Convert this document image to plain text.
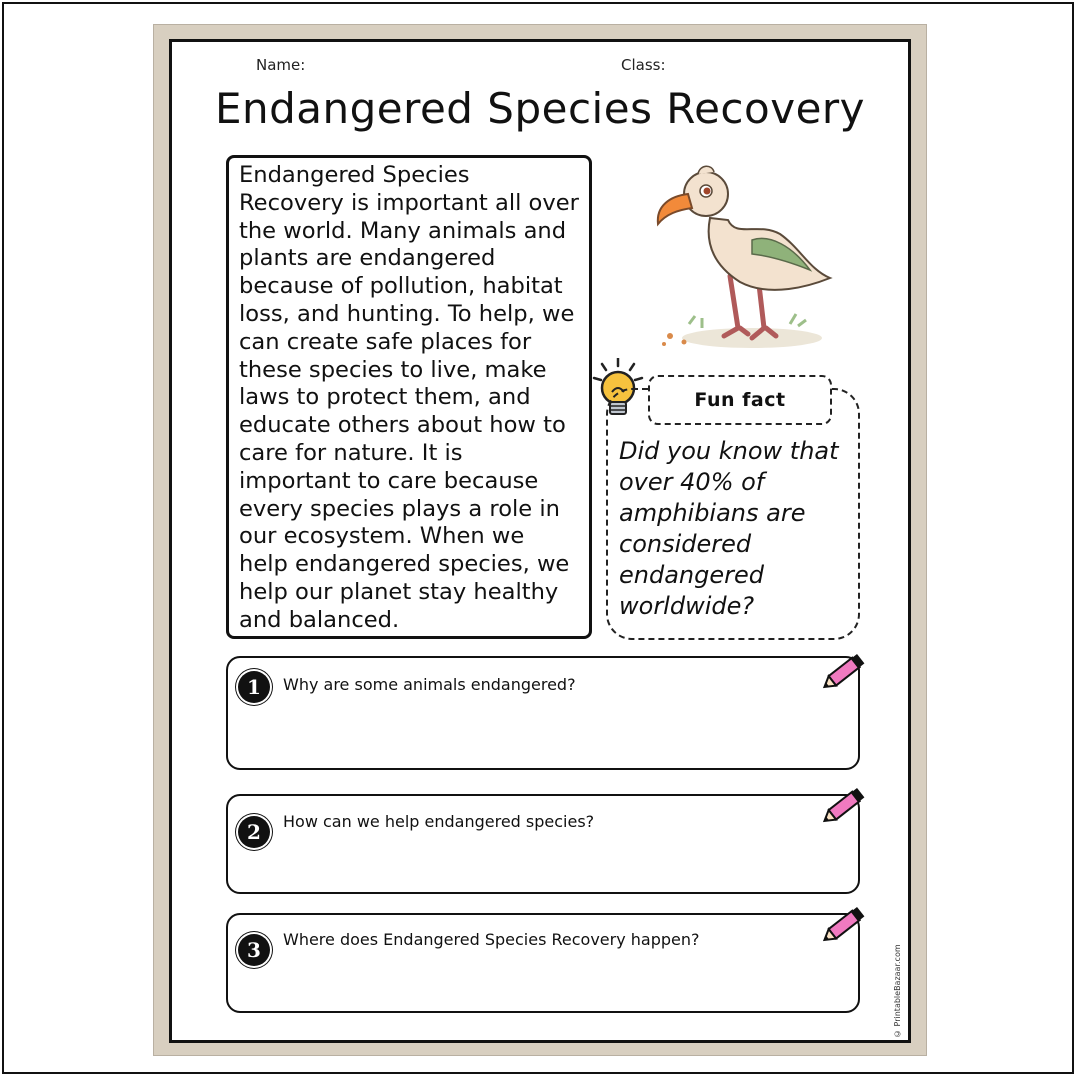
Name:	Class:
Endangered Species Recovery

Endangered Species Recovery is important all over the world. Many animals and plants are endangered because of pollution, habitat loss, and hunting. To help, we can create safe places for these species to live, make laws to protect them, and educate others about how to care for nature. It is important to care because every species plays a role in our ecosystem. When we help endangered species, we help our planet stay healthy and balanced.

Fun fact
Did you know that over 40% of amphibians are considered endangered worldwide?
1	Why are some animals endangered?
2	How can we help endangered species?
3	Where does Endangered Species Recovery happen?
© PrintableBazaar.com
